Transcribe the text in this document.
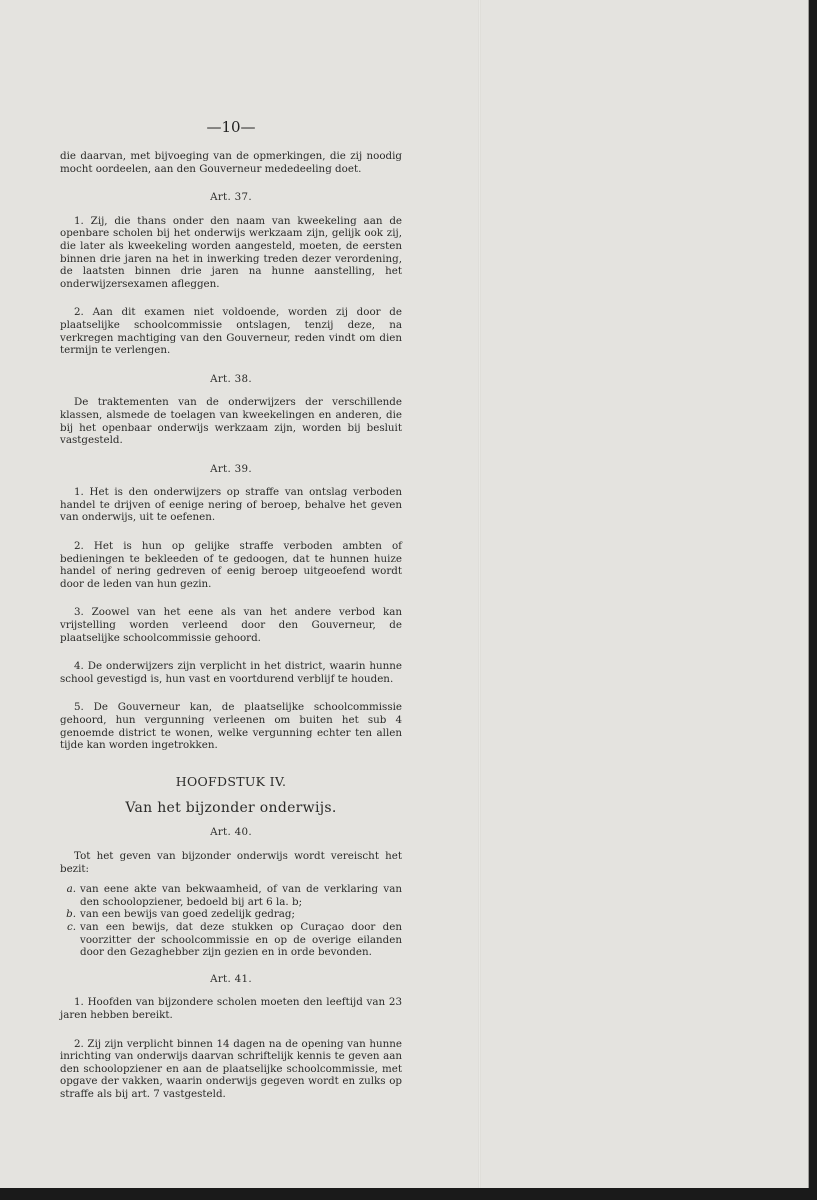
—10—
die daarvan, met bijvoeging van de opmerkingen, die zij noodig mocht oordeelen, aan den Gouverneur mededeeling doet.
Art. 37.
1. Zij, die thans onder den naam van kweekeling aan de openbare scholen bij het onderwijs werkzaam zijn, gelijk ook zij, die later als kweekeling worden aangesteld, moeten, de eersten binnen drie jaren na het in inwerking treden dezer verordening, de laatsten binnen drie jaren na hunne aanstelling, het onderwijzersexamen afleggen.
2. Aan dit examen niet voldoende, worden zij door de plaatselijke schoolcommissie ontslagen, tenzij deze, na verkregen machtiging van den Gouverneur, reden vindt om dien termijn te verlengen.
Art. 38.
De traktementen van de onderwijzers der verschillende klassen, alsmede de toelagen van kweekelingen en anderen, die bij het openbaar onderwijs werkzaam zijn, worden bij besluit vastgesteld.
Art. 39.
1. Het is den onderwijzers op straffe van ontslag verboden handel te drijven of eenige nering of beroep, behalve het geven van onderwijs, uit te oefenen.
2. Het is hun op gelijke straffe verboden ambten of bedieningen te bekleeden of te gedoogen, dat te hunnen huize handel of nering gedreven of eenig beroep uitgeoefend wordt door de leden van hun gezin.
3. Zoowel van het eene als van het andere verbod kan vrijstelling worden verleend door den Gouverneur, de plaatselijke schoolcommissie gehoord.
4. De onderwijzers zijn verplicht in het district, waarin hunne school gevestigd is, hun vast en voortdurend verblijf te houden.
5. De Gouverneur kan, de plaatselijke schoolcommissie gehoord, hun vergunning verleenen om buiten het sub 4 genoemde district te wonen, welke vergunning echter ten allen tijde kan worden ingetrokken.
HOOFDSTUK IV.
Van het bijzonder onderwijs.
Art. 40.
Tot het geven van bijzonder onderwijs wordt vereischt het bezit:
a. van eene akte van bekwaamheid, of van de verklaring van den schoolopziener, bedoeld bij art 6 la. b;
b. van een bewijs van goed zedelijk gedrag;
c. van een bewijs, dat deze stukken op Curaçao door den voorzitter der schoolcommissie en op de overige eilanden door den Gezaghebber zijn gezien en in orde bevonden.
Art. 41.
1. Hoofden van bijzondere scholen moeten den leeftijd van 23 jaren hebben bereikt.
2. Zij zijn verplicht binnen 14 dagen na de opening van hunne inrichting van onderwijs daarvan schriftelijk kennis te geven aan den schoolopziener en aan de plaatselijke schoolcommissie, met opgave der vakken, waarin onderwijs gegeven wordt en zulks op straffe als bij art. 7 vastgesteld.
